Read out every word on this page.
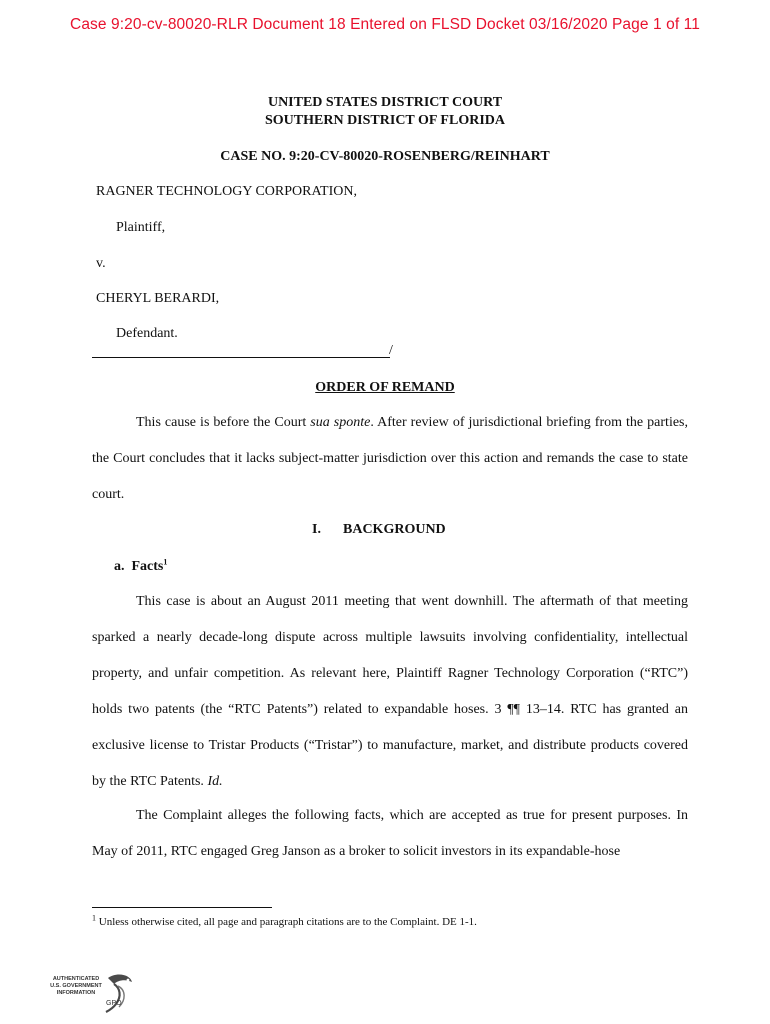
Case 9:20-cv-80020-RLR Document 18 Entered on FLSD Docket 03/16/2020 Page 1 of 11
UNITED STATES DISTRICT COURT
SOUTHERN DISTRICT OF FLORIDA
CASE NO. 9:20-CV-80020-ROSENBERG/REINHART
RAGNER TECHNOLOGY CORPORATION,
Plaintiff,
v.
CHERYL BERARDI,
Defendant.
/
ORDER OF REMAND
This cause is before the Court sua sponte. After review of jurisdictional briefing from the parties, the Court concludes that it lacks subject-matter jurisdiction over this action and remands the case to state court.
I. BACKGROUND
a. Facts$^1$
This case is about an August 2011 meeting that went downhill. The aftermath of that meeting sparked a nearly decade-long dispute across multiple lawsuits involving confidentiality, intellectual property, and unfair competition. As relevant here, Plaintiff Ragner Technology Corporation (“RTC”) holds two patents (the “RTC Patents”) related to expandable hoses. 3 ¶¶ 13–14. RTC has granted an exclusive license to Tristar Products (“Tristar”) to manufacture, market, and distribute products covered by the RTC Patents. Id.
The Complaint alleges the following facts, which are accepted as true for present purposes. In May of 2011, RTC engaged Greg Janson as a broker to solicit investors in its expandable-hose
$^1$ Unless otherwise cited, all page and paragraph citations are to the Complaint. DE 1-1.
AUTHENTICATED
U.S. GOVERNMENT
INFORMATION
GPO
